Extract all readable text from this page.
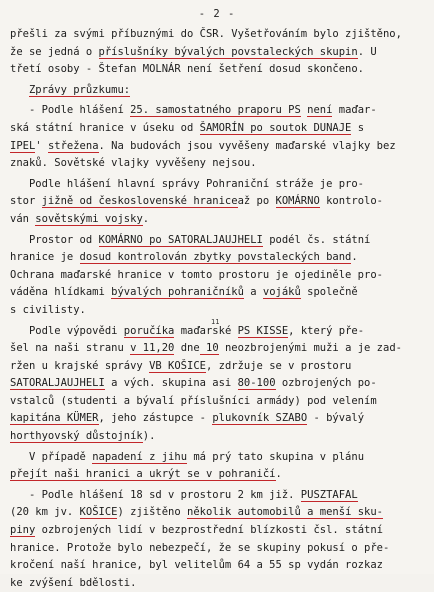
- 2 -
přešli za svými příbuznými do ČSR. Vyšetřováním bylo zjištěno,
že se jedná o příslušníky bývalých povstaleckých skupin. U
třetí osoby - Štefan MOLNÁR není šetření dosud skončeno.
Zprávy průzkumu:
- Podle hlášení 25. samostatného praporu PS není maďar-
ská státní hranice v úseku od ŠAMORÍN po soutok DUNAJE s
IPEL' střežena. Na budovách jsou vyvěšeny maďarské vlajky bez
znaků. Sovětské vlajky vyvěšeny nejsou.
Podle hlášení hlavní správy Pohraniční stráže je pro-
stor jižně od československé hraniceaž po KOMÁRNO kontrolo-
ván sovětskými vojsky.
Prostor od KOMÁRNO po SATORALJAUJHELI podél čs. státní
hranice je dosud kontrolován zbytky povstaleckých band.
Ochrana maďarské hranice v tomto prostoru je ojediněle pro-
váděna hlídkami bývalých pohraničníků a vojáků společně
s civilisty.
Podle výpovědi poručíka maďarské PS KISSE, který pře-
šel na naši stranu v 11,20 dne 10 neozbrojenými muži a je zad-
ržen u krajské správy VB KOŠICE, zdržuje se v prostoru
SATORALJAUJHELI a vých. skupina asi 80-100 ozbrojených po-
vstalců (studenti a bývalí příslušníci armády) pod velením
kapitána KÜMER, jeho zástupce - plukovník SZABO - bývalý
horthyovský důstojník).
V případě napadení z jihu má prý tato skupina v plánu
přejít naši hranici a ukrýt se v pohraničí.
- Podle hlášení 18 sd v prostoru 2 km již. PUSZTAFAL
(20 km jv. KOŠICE) zjištěno několik automobilů a menší sku-
piny ozbrojených lidí v bezprostřední blízkosti čsl. státní
hranice. Protože bylo nebezpečí, že se skupiny pokusí o pře-
kročení naší hranice, byl velitelům 64 a 55 sp vydán rozkaz
ke zvýšení bdělosti.
11
